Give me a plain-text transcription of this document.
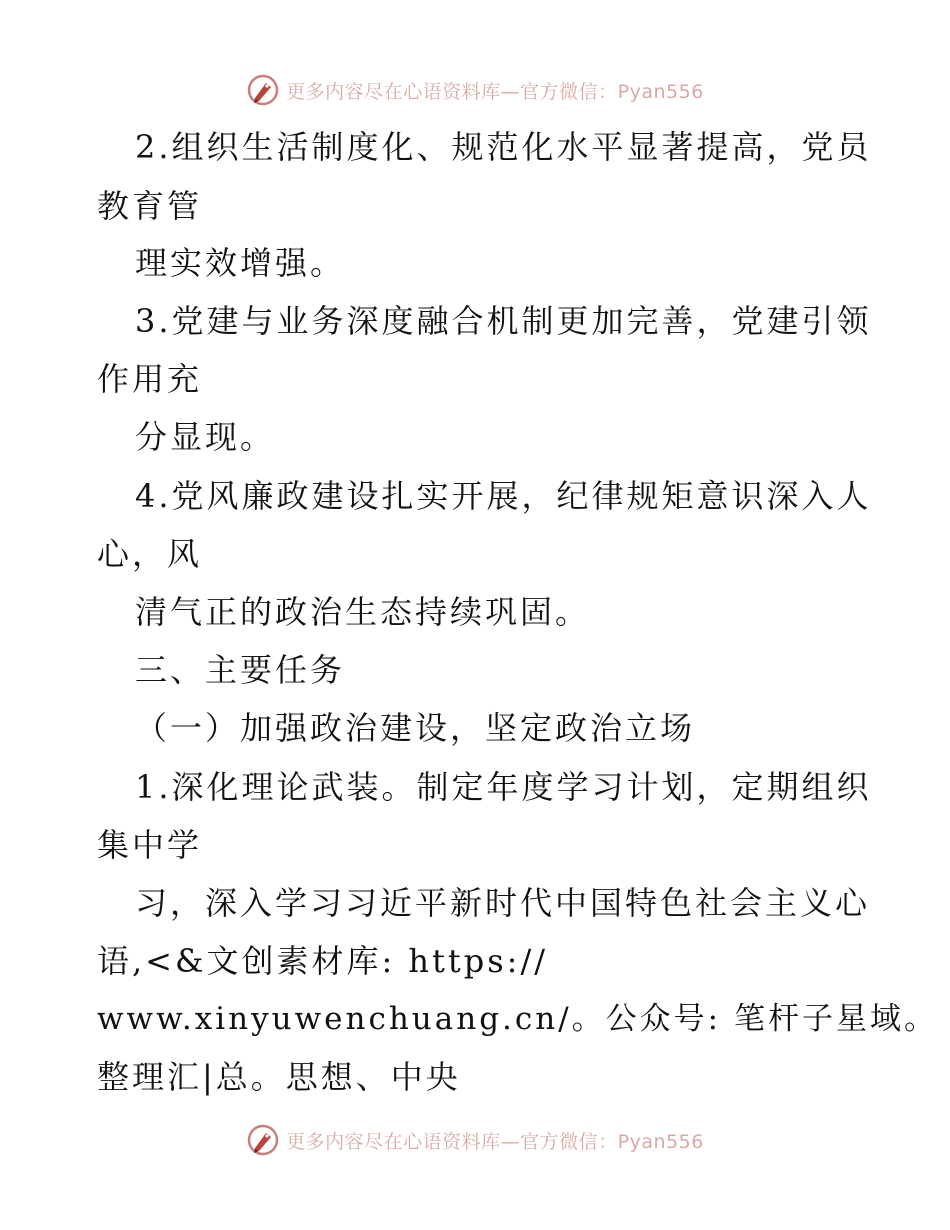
更多内容尽在心语资料库—官方微信：Pyan556
2.组织生活制度化、规范化水平显著提高，党员
教育管
理实效增强。
3.党建与业务深度融合机制更加完善，党建引领
作用充
分显现。
4.党风廉政建设扎实开展，纪律规矩意识深入人
心，风
清气正的政治生态持续巩固。
三、主要任务
（一）加强政治建设，坚定政治立场
1.深化理论武装。制定年度学习计划，定期组织
集中学
习，深入学习习近平新时代中国特色社会主义心
语,<&文创素材库: https://
www.xinyuwenchuang.cn/。公众号: 笔杆子星域。
整理汇|总。思想、中央
更多内容尽在心语资料库—官方微信：Pyan556
